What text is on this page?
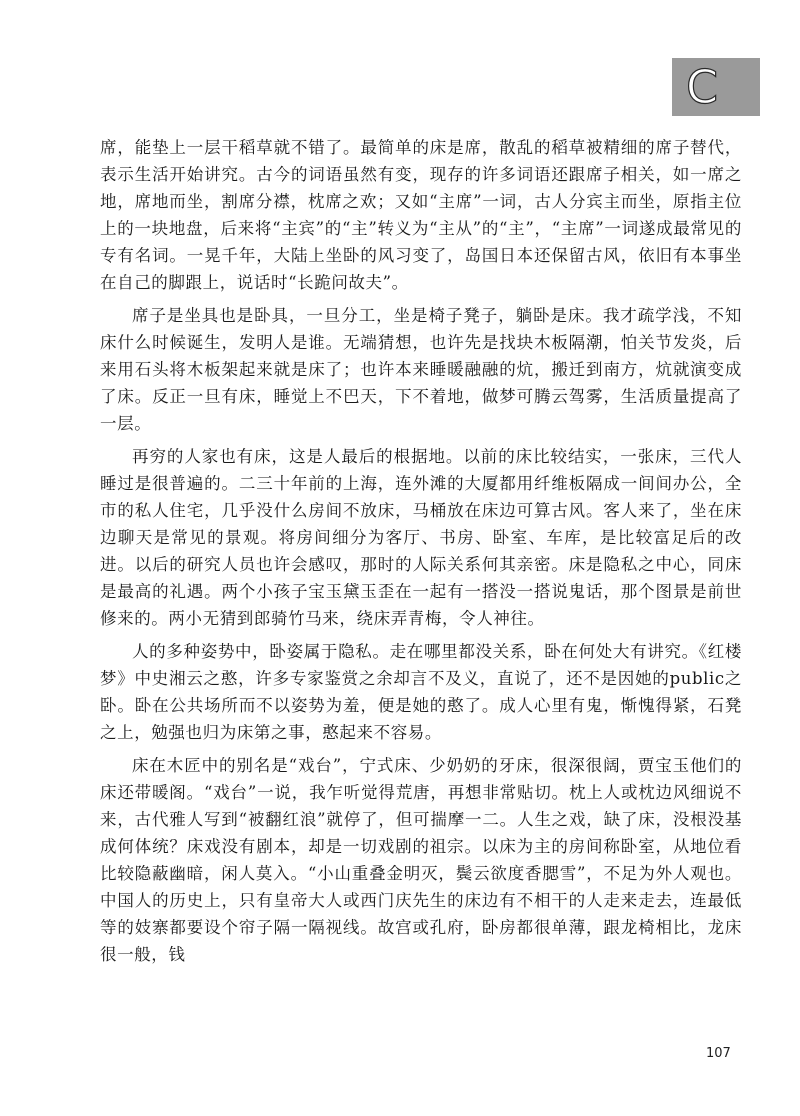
C

席，能垫上一层干稻草就不错了。最简单的床是席，散乱的稻草被精细的席子替代，表示生活开始讲究。古今的词语虽然有变，现存的许多词语还跟席子相关，如一席之地，席地而坐，割席分襟，枕席之欢；又如“主席”一词，古人分宾主而坐，原指主位上的一块地盘，后来将“主宾”的“主”转义为“主从”的“主”，“主席”一词遂成最常见的专有名词。一晃千年，大陆上坐卧的风习变了，岛国日本还保留古风，依旧有本事坐在自己的脚跟上，说话时“长跪问故夫”。

席子是坐具也是卧具，一旦分工，坐是椅子凳子，躺卧是床。我才疏学浅，不知床什么时候诞生，发明人是谁。无端猜想，也许先是找块木板隔潮，怕关节发炎，后来用石头将木板架起来就是床了；也许本来睡暖融融的炕，搬迁到南方，炕就演变成了床。反正一旦有床，睡觉上不巴天，下不着地，做梦可腾云驾雾，生活质量提高了一层。

再穷的人家也有床，这是人最后的根据地。以前的床比较结实，一张床，三代人睡过是很普遍的。二三十年前的上海，连外滩的大厦都用纤维板隔成一间间办公，全市的私人住宅，几乎没什么房间不放床，马桶放在床边可算古风。客人来了，坐在床边聊天是常见的景观。将房间细分为客厅、书房、卧室、车库，是比较富足后的改进。以后的研究人员也许会感叹，那时的人际关系何其亲密。床是隐私之中心，同床是最高的礼遇。两个小孩子宝玉黛玉歪在一起有一搭没一搭说鬼话，那个图景是前世修来的。两小无猜到郎骑竹马来，绕床弄青梅，令人神往。

人的多种姿势中，卧姿属于隐私。走在哪里都没关系，卧在何处大有讲究。《红楼梦》中史湘云之憨，许多专家鉴赏之余却言不及义，直说了，还不是因她的public之卧。卧在公共场所而不以姿势为羞，便是她的憨了。成人心里有鬼，惭愧得紧，石凳之上，勉强也归为床第之事，憨起来不容易。

床在木匠中的别名是“戏台”，宁式床、少奶奶的牙床，很深很阔，贾宝玉他们的床还带暖阁。“戏台”一说，我乍听觉得荒唐，再想非常贴切。枕上人或枕边风细说不来，古代雅人写到“被翻红浪”就停了，但可揣摩一二。人生之戏，缺了床，没根没基成何体统？床戏没有剧本，却是一切戏剧的祖宗。以床为主的房间称卧室，从地位看比较隐蔽幽暗，闲人莫入。“小山重叠金明灭，鬓云欲度香腮雪”，不足为外人观也。中国人的历史上，只有皇帝大人或西门庆先生的床边有不相干的人走来走去，连最低等的妓寨都要设个帘子隔一隔视线。故宫或孔府，卧房都很单薄，跟龙椅相比，龙床很一般，钱

107
